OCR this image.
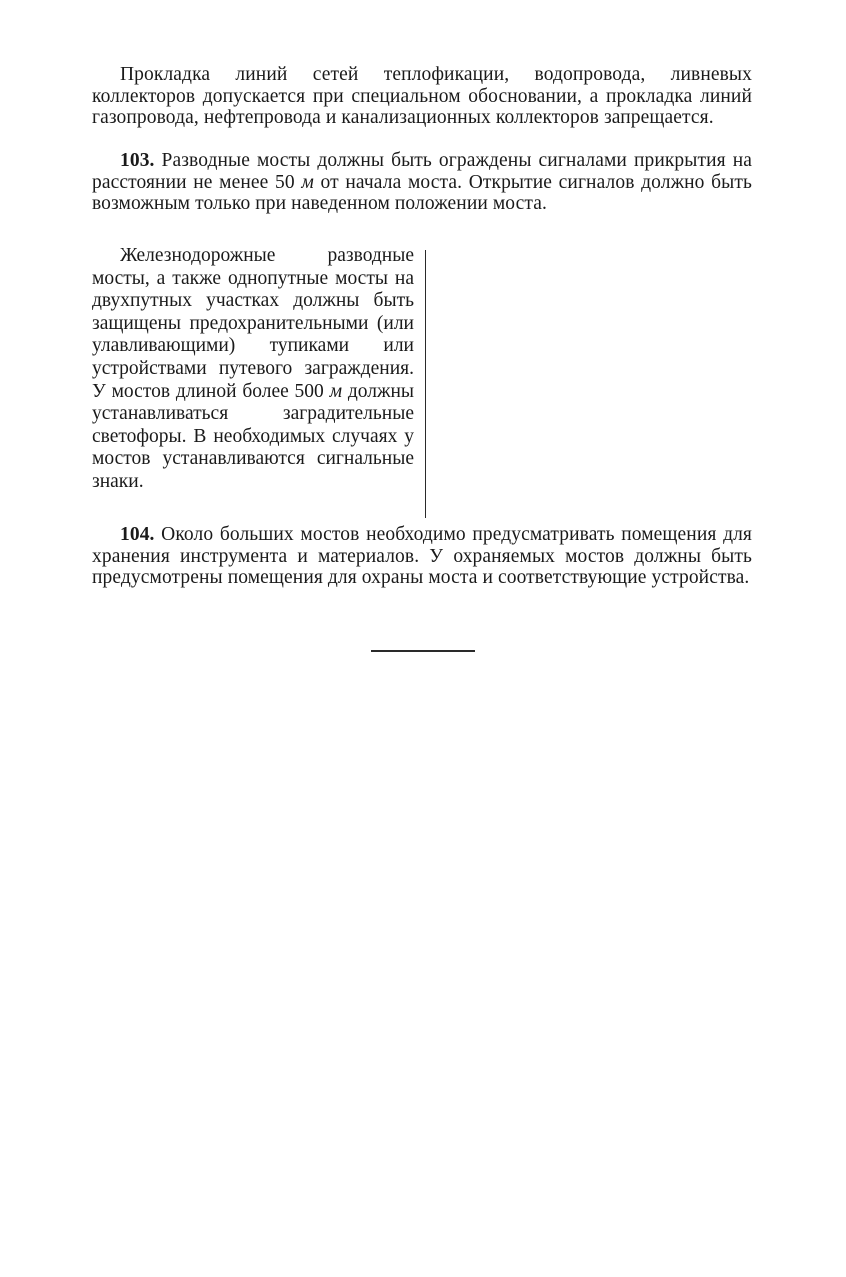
Прокладка линий сетей теплофикации, водопровода, ливневых коллекторов допускается при специальном обосновании, а прокладка линий газопровода, нефтепровода и канализационных коллекторов запрещается.

103. Разводные мосты должны быть ограждены сигналами прикрытия на расстоянии не менее 50 м от начала моста. Открытие сигналов должно быть возможным только при наведенном положении моста.

Железнодорожные разводные мосты, а также однопутные мосты на двухпутных участках должны быть защищены предохранительными (или улавливающими) тупиками или устройствами путевого заграждения. У мостов длиной более 500 м должны устанавливаться заградительные светофоры. В необходимых случаях у мостов устанавливаются сигнальные знаки.

104. Около больших мостов необходимо предусматривать помещения для хранения инструмента и материалов. У охраняемых мостов должны быть предусмотрены помещения для охраны моста и соответствующие устройства.
